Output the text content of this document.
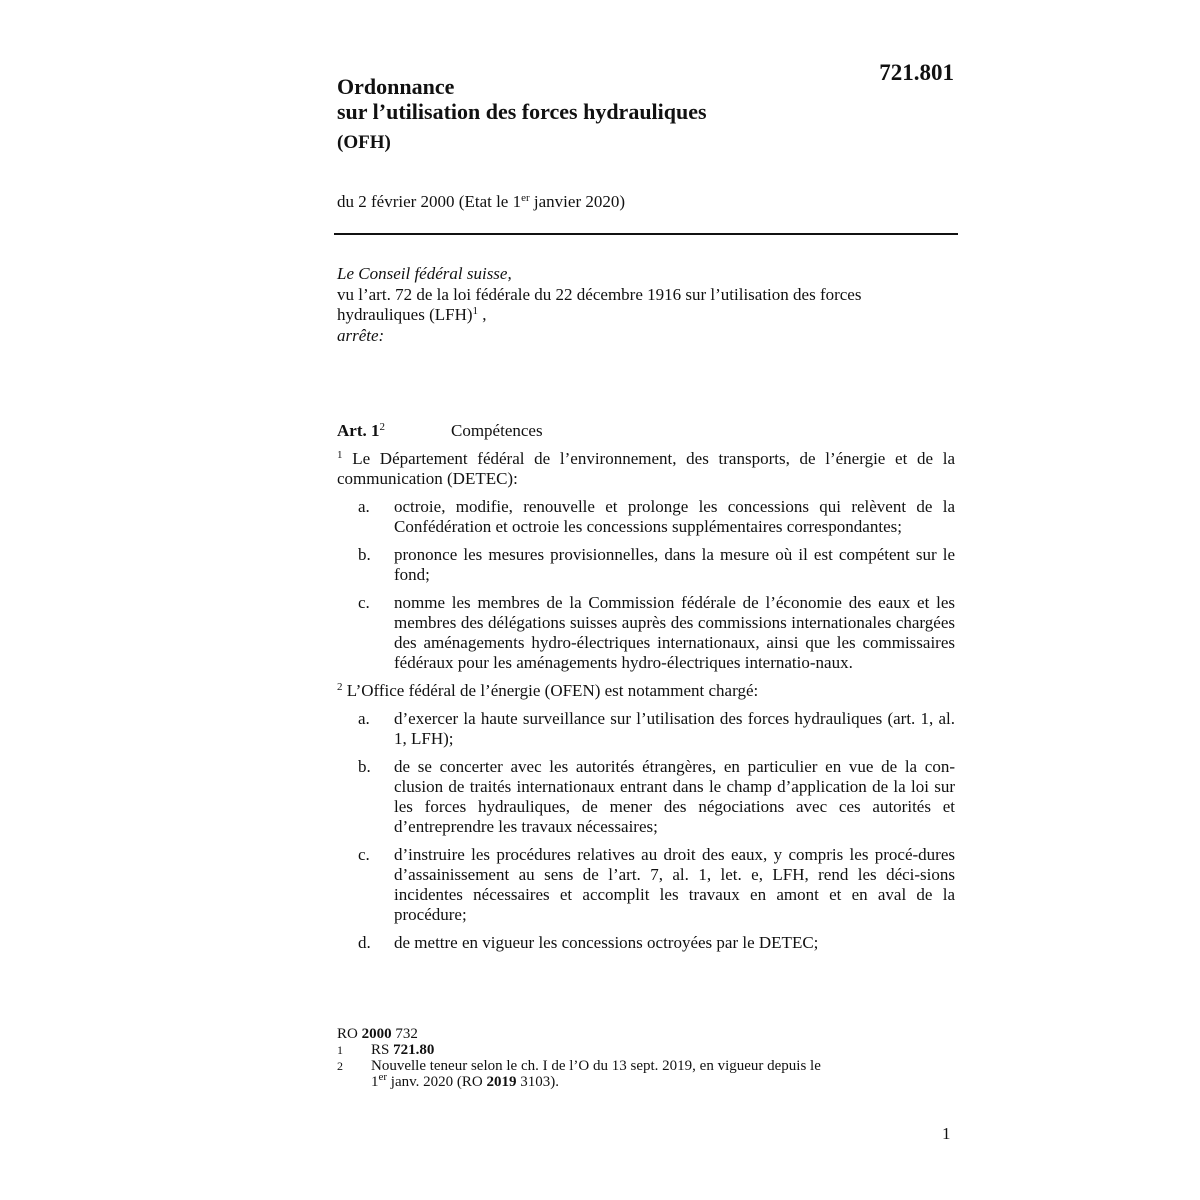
721.801
Ordonnance
sur l’utilisation des forces hydrauliques
(OFH)
du 2 février 2000 (Etat le 1er janvier 2020)

Le Conseil fédéral suisse,

vu l’art. 72 de la loi fédérale du 22 décembre 1916 sur l’utilisation des forces hydrauliques (LFH)$^1$ ,

arrête:

Art. $1^2$	Compétences
$^1$ Le Département fédéral de l’environnement, des transports, de l’énergie et de la communication (DETEC):
a.	octroie, modifie, renouvelle et prolonge les concessions qui relèvent de la Confédération et octroie les concessions supplémentaires correspondantes;
b.	prononce les mesures provisionnelles, dans la mesure où il est compétent sur le fond;
c.	nomme les membres de la Commission fédérale de l’économie des eaux et les membres des délégations suisses auprès des commissions internationales chargées des aménagements hydro-électriques internationaux, ainsi que les commissaires fédéraux pour les aménagements hydro-électriques internatio-naux.
$^2$ L’Office fédéral de l’énergie (OFEN) est notamment chargé:
a.	d’exercer la haute surveillance sur l’utilisation des forces hydrauliques (art. 1, al. 1, LFH);
b.	de se concerter avec les autorités étrangères, en particulier en vue de la con-clusion de traités internationaux entrant dans le champ d’application de la loi sur les forces hydrauliques, de mener des négociations avec ces autorités et d’entreprendre les travaux nécessaires;
c.	d’instruire les procédures relatives au droit des eaux, y compris les procé-dures d’assainissement au sens de l’art. 7, al. 1, let. e, LFH, rend les déci-sions incidentes nécessaires et accomplit les travaux en amont et en aval de la procédure;
d.	de mettre en vigueur les concessions octroyées par le DETEC;
RO 2000 732
1	RS 721.80
2	Nouvelle teneur selon le ch. I de l’O du 13 sept. 2019, en vigueur depuis le
1er janv. 2020 (RO 2019 3103).
1
